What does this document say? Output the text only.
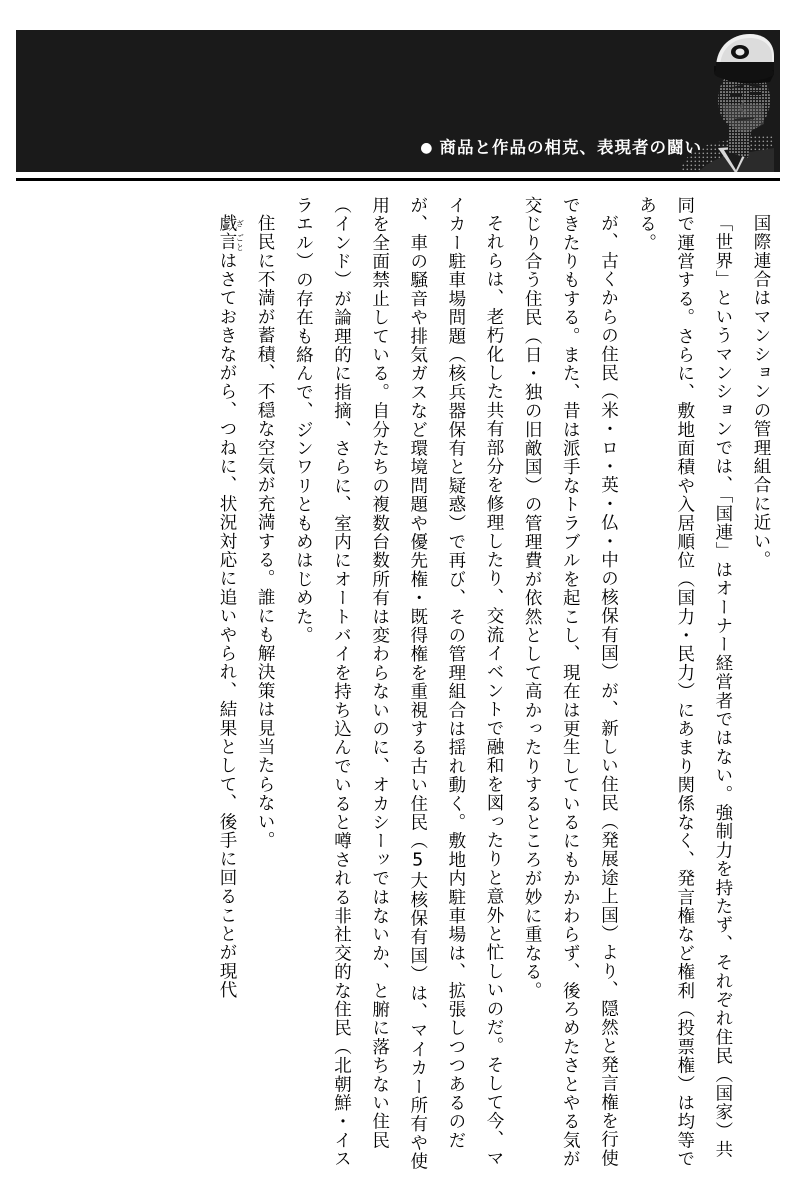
● 商品と作品の相克、表現者の闘い

国際連合はマンションの管理組合に近い。

「世界」というマンションでは、「国連」はオーナー経営者ではない。強制力を持たず、それぞれ住民（国家）共同で運営する。さらに、敷地面積や入居順位（国力・民力）にあまり関係なく、発言権など権利（投票権）は均等である。

が、古くからの住民（米・ロ・英・仏・中の核保有国）が、新しい住民（発展途上国）より、隠然と発言権を行使できたりもする。また、昔は派手なトラブルを起こし、現在は更生しているにもかかわらず、後ろめたさとやる気が交じり合う住民（日・独の旧敵国）の管理費が依然として高かったりするところが妙に重なる。

それらは、老朽化した共有部分を修理したり、交流イベントで融和を図ったりと意外と忙しいのだ。そして今、マイカー駐車場問題（核兵器保有と疑惑）で再び、その管理組合は揺れ動く。敷地内駐車場は、拡張しつつあるのだが、車の騒音や排気ガスなど環境問題や優先権・既得権を重視する古い住民（5大核保有国）は、マイカー所有や使用を全面禁止している。自分たちの複数台数所有は変わらないのに、オカシーッではないか、と腑に落ちない住民（インド）が論理的に指摘、さらに、室内にオートバイを持ち込んでいると噂される非社交的な住民（北朝鮮・イスラエル）の存在も絡んで、ジンワリともめはじめた。

住民に不満が蓄積、不穏な空気が充満する。誰にも解決策は見当たらない。

戯ざ言ごとはさておきながら、つねに、状況対応に追いやられ、結果として、後手に回ることが現代
